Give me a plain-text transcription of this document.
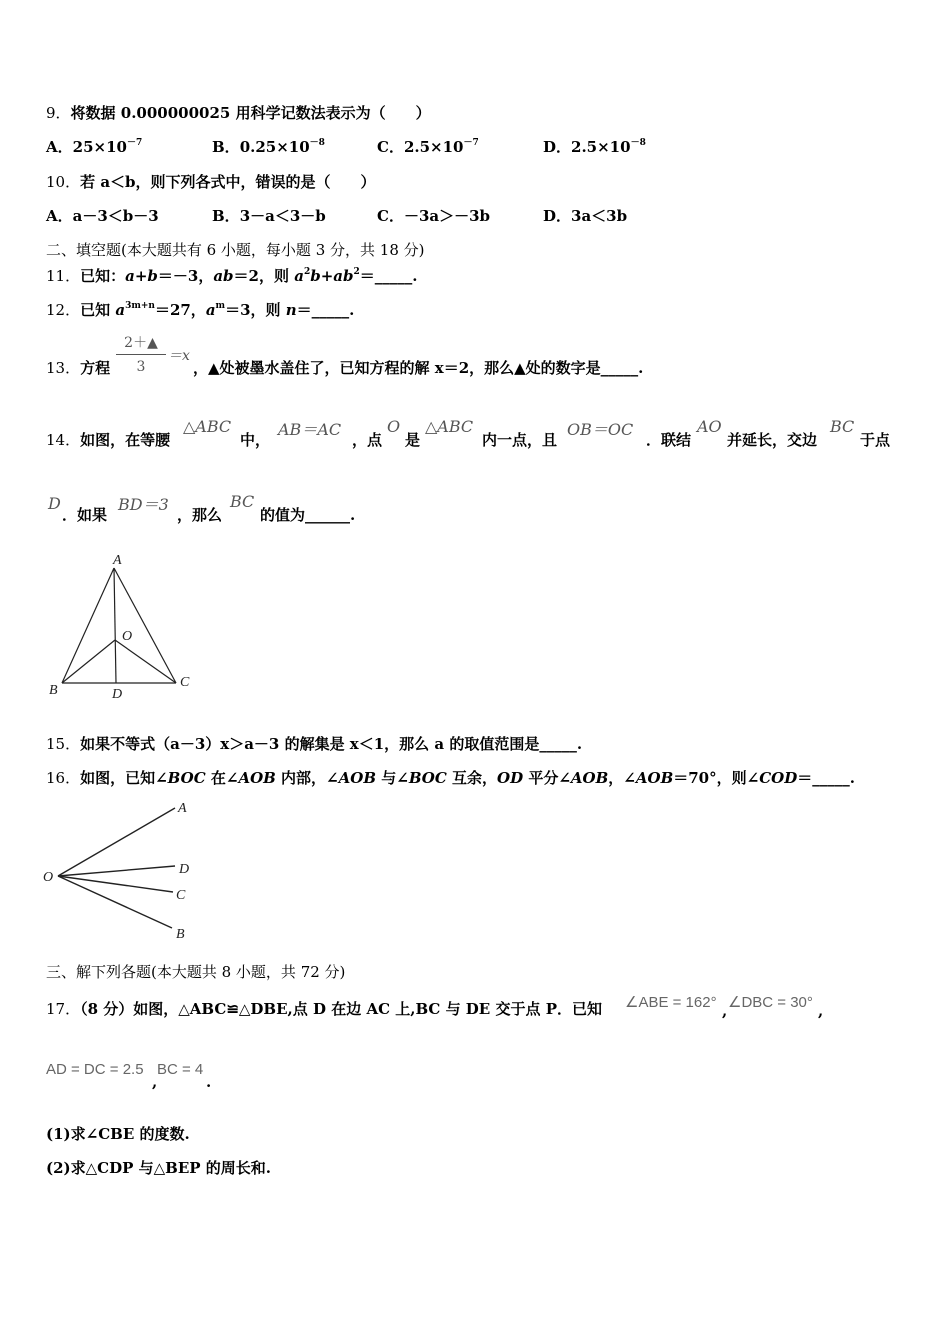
9．将数据 0.000000025 用科学记数法表示为（　　）
A．$25\times 10^{-7}$	B．$0.25\times 10^{-8}$	C．$2.5\times 10^{-7}$	D．$2.5\times 10^{-8}$
10．若 a＜b，则下列各式中，错误的是（　　）
A．a－3＜b－3	B．3－a＜3－b	C．－3a＞－3b	D．3a＜3b
二、填空题(本大题共有 6 小题，每小题 3 分，共 18 分)
11．已知：a+b＝－3，ab＝2，则 $a^2b+ab^2=\_\_\_\_\_$.
12．已知 $a^{3m+n}=27$，$a^m=3$，则 n＝_____.
13．方程 $\frac{2+▲}{3} =x$
，▲处被墨水盖住了，已知方程的解 x＝2，那么▲处的数字是_____.
14．如图，在等腰
△ABC
中，
AB＝AC
，点
O
是
△ABC
内一点，且
OB＝OC
．联结
AO
并延长，交边
BC
于点
D
．如果
BD＝3
，那么
BC
的值为______.
A
O
B	D
C
15．如果不等式（a－3）x＞a－3 的解集是 x＜1，那么 a 的取值范围是_____.
16．如图，已知∠BOC 在∠AOB 内部，∠AOB 与∠BOC 互余，OD 平分∠AOB，∠AOB＝70°，则∠COD＝_____.
A
O
D
C
B
三、解下列各题(本大题共 8 小题，共 72 分)
17．（8 分）如图，△ABC≌△DBE,点 D 在边 AC 上,BC 与 DE 交于点 P．已知 ∠ABE = 162° , ∠DBC = 30° ,
AD = DC = 2.5
,
BC = 4
.
(1)求∠CBE 的度数.
(2)求△CDP 与△BEP 的周长和.
